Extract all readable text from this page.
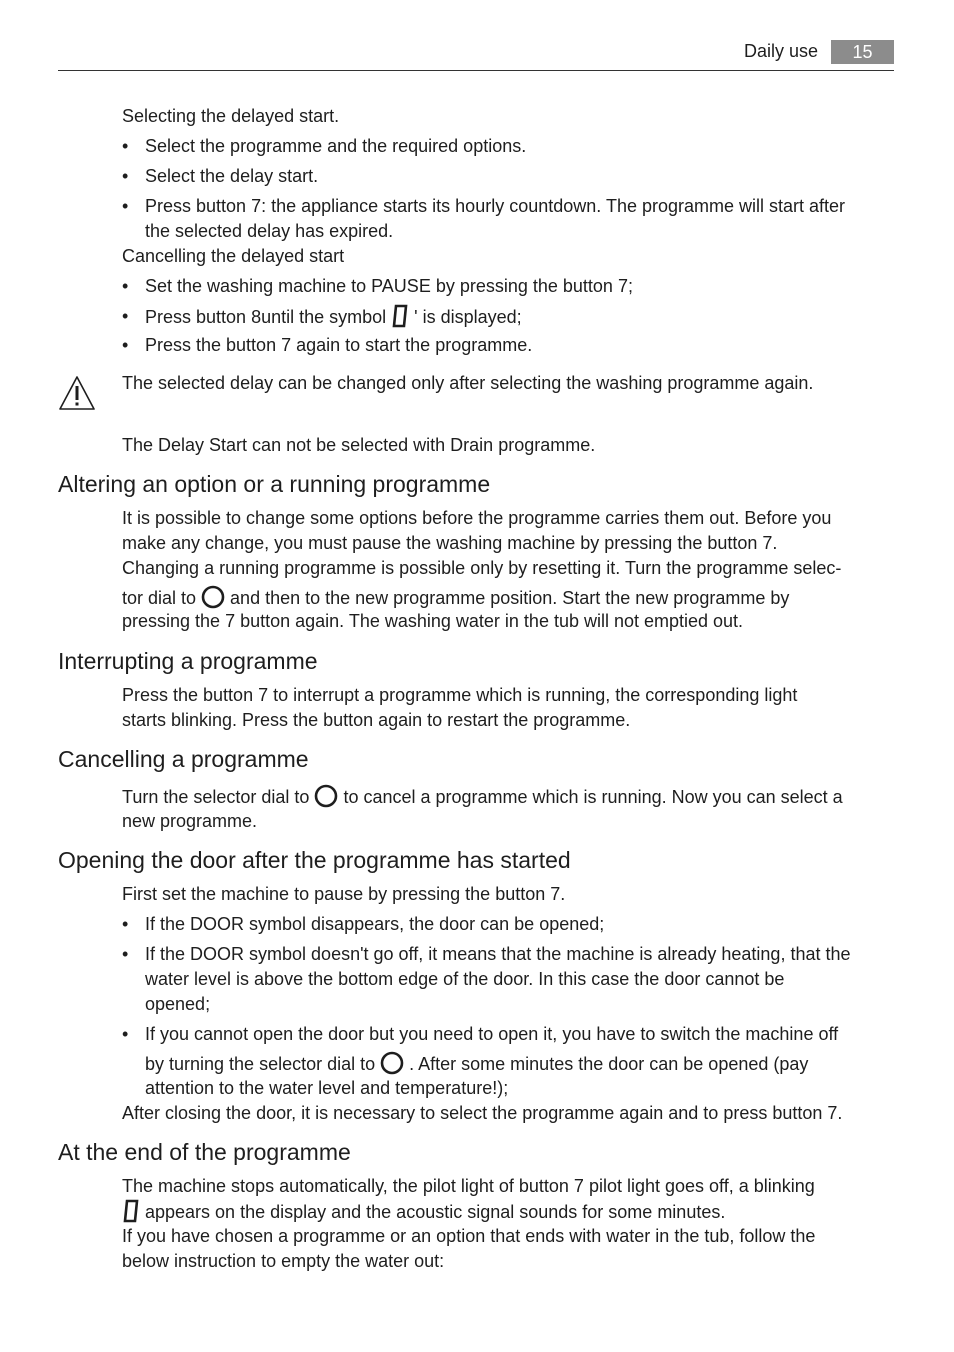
Daily use	15
Selecting the delayed start.
• Select the programme and the required options.
• Select the delay start.
• Press button 7: the appliance starts its hourly countdown. The programme will start after
the selected delay has expired.
Cancelling the delayed start
• Set the washing machine to PAUSE by pressing the button 7;
• Press button 8until the symbol  ' is displayed;
• Press the button 7 again to start the programme.
The selected delay can be changed only after selecting the washing programme again.
The Delay Start can not be selected with Drain programme.
Altering an option or a running programme
It is possible to change some options before the programme carries them out. Before you
make any change, you must pause the washing machine by pressing the button 7.
Changing a running programme is possible only by resetting it. Turn the programme selec-
tor dial to  and then to the new programme position. Start the new programme by
pressing the 7 button again. The washing water in the tub will not emptied out.
Interrupting a programme
Press the button 7 to interrupt a programme which is running, the corresponding light
starts blinking. Press the button again to restart the programme.
Cancelling a programme
Turn the selector dial to  to cancel a programme which is running. Now you can select a
new programme.
Opening the door after the programme has started
First set the machine to pause by pressing the button 7.
• If the DOOR symbol disappears, the door can be opened;
• If the DOOR symbol doesn't go off, it means that the machine is already heating, that the
water level is above the bottom edge of the door. In this case the door cannot be
opened;
• If you cannot open the door but you need to open it, you have to switch the machine off
by turning the selector dial to  . After some minutes the door can be opened (pay
attention to the water level and temperature!);
After closing the door, it is necessary to select the programme again and to press button 7.
At the end of the programme
The machine stops automatically, the pilot light of button 7 pilot light goes off, a blinking
appears on the display and the acoustic signal sounds for some minutes.
If you have chosen a programme or an option that ends with water in the tub, follow the
below instruction to empty the water out:
